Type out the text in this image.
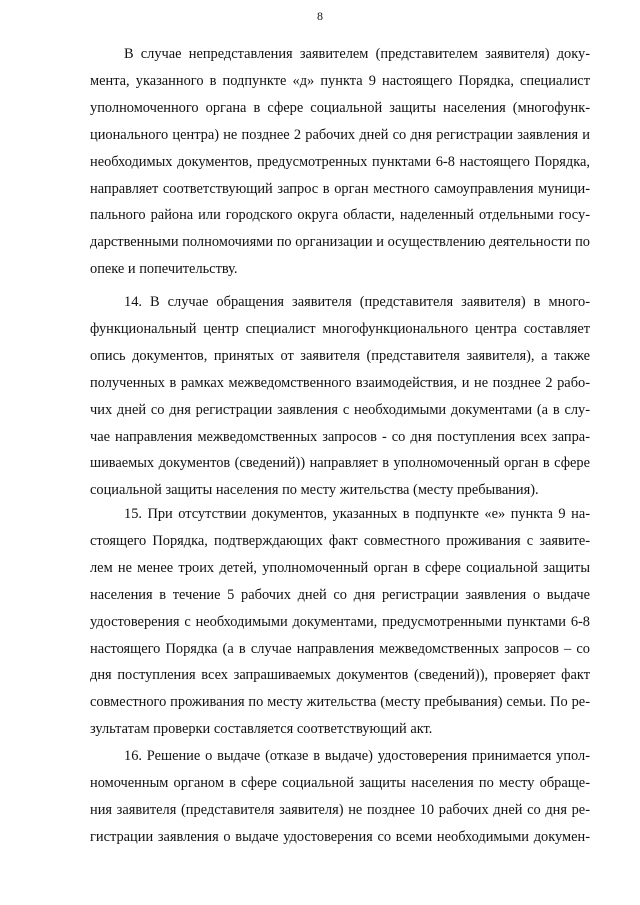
8
В случае непредставления заявителем (представителем заявителя) доку-
мента, указанного в подпункте «д» пункта 9 настоящего Порядка, специалист
уполномоченного органа в сфере социальной защиты населения (многофунк-
ционального центра) не позднее 2 рабочих дней со дня регистрации заявления и
необходимых документов, предусмотренных пунктами 6-8 настоящего Порядка,
направляет соответствующий запрос в орган местного самоуправления муници-
пального района или городского округа области, наделенный отдельными госу-
дарственными полномочиями по организации и осуществлению деятельности по
опеке и попечительству.
14. В случае обращения заявителя (представителя заявителя) в много-
функциональный центр специалист многофункционального центра составляет
опись документов, принятых от заявителя (представителя заявителя), а также
полученных в рамках межведомственного взаимодействия, и не позднее 2 рабо-
чих дней со дня регистрации заявления с необходимыми документами (а в слу-
чае направления межведомственных запросов - со дня поступления всех запра-
шиваемых документов (сведений)) направляет в уполномоченный орган в сфере
социальной защиты населения по месту жительства (месту пребывания).
15. При отсутствии документов, указанных в подпункте «е» пункта 9 на-
стоящего Порядка, подтверждающих факт совместного проживания с заявите-
лем не менее троих детей, уполномоченный орган в сфере социальной защиты
населения в течение 5 рабочих дней со дня регистрации заявления о выдаче
удостоверения с необходимыми документами, предусмотренными пунктами 6-8
настоящего Порядка (а в случае направления межведомственных запросов – со
дня поступления всех запрашиваемых документов (сведений)), проверяет факт
совместного проживания по месту жительства (месту пребывания) семьи. По ре-
зультатам проверки составляется соответствующий акт.
16. Решение о выдаче (отказе в выдаче) удостоверения принимается упол-
номоченным органом в сфере социальной защиты населения по месту обраще-
ния заявителя (представителя заявителя) не позднее 10 рабочих дней со дня ре-
гистрации заявления о выдаче удостоверения со всеми необходимыми докумен-
